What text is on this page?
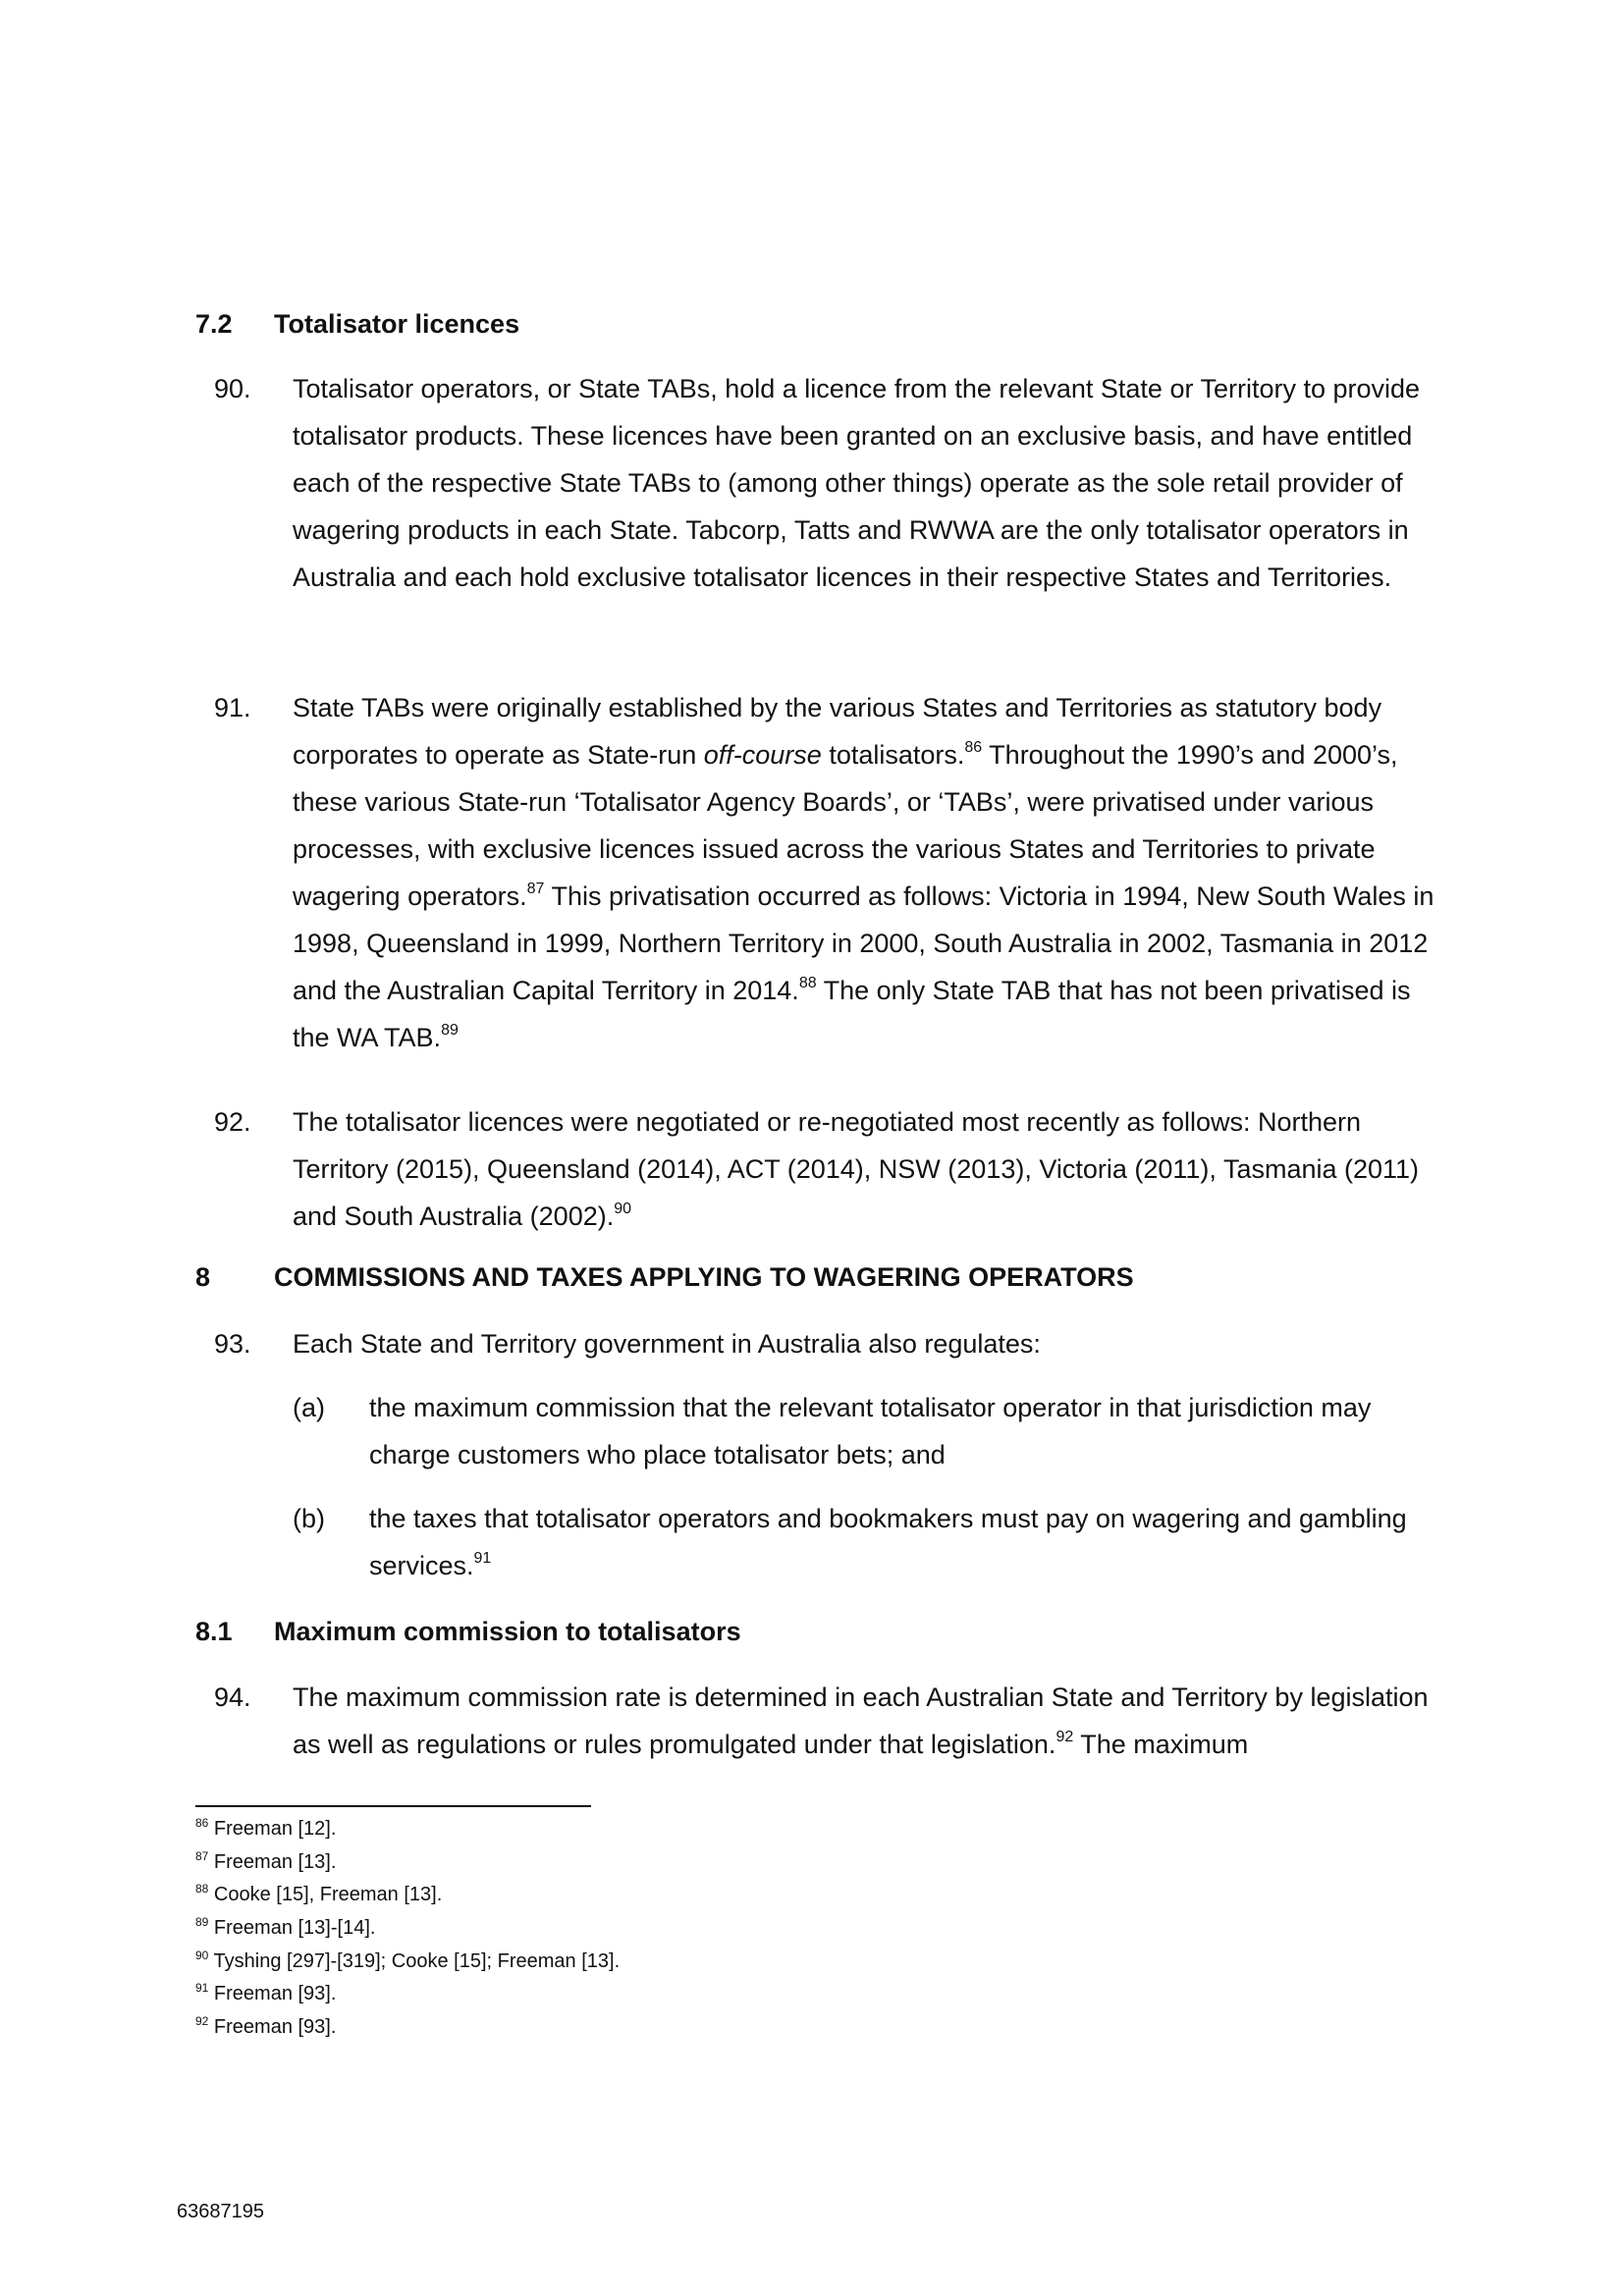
7.2	Totalisator licences
90. Totalisator operators, or State TABs, hold a licence from the relevant State or Territory to provide totalisator products. These licences have been granted on an exclusive basis, and have entitled each of the respective State TABs to (among other things) operate as the sole retail provider of wagering products in each State. Tabcorp, Tatts and RWWA are the only totalisator operators in Australia and each hold exclusive totalisator licences in their respective States and Territories.
91. State TABs were originally established by the various States and Territories as statutory body corporates to operate as State-run off-course totalisators.$^{86}$ Throughout the 1990’s and 2000’s, these various State-run ‘Totalisator Agency Boards’, or ‘TABs’, were privatised under various processes, with exclusive licences issued across the various States and Territories to private wagering operators.$^{87}$ This privatisation occurred as follows: Victoria in 1994, New South Wales in 1998, Queensland in 1999, Northern Territory in 2000, South Australia in 2002, Tasmania in 2012 and the Australian Capital Territory in 2014.88 The only State TAB that has not been privatised is the WA TAB.$^{89}$
92. The totalisator licences were negotiated or re-negotiated most recently as follows: Northern Territory (2015), Queensland (2014), ACT (2014), NSW (2013), Victoria (2011), Tasmania (2011) and South Australia (2002).$^{90}$
8	COMMISSIONS AND TAXES APPLYING TO WAGERING OPERATORS
93. Each State and Territory government in Australia also regulates:
(a) the maximum commission that the relevant totalisator operator in that jurisdiction may charge customers who place totalisator bets; and
(b) the taxes that totalisator operators and bookmakers must pay on wagering and gambling services.$^{91}$
8.1	Maximum commission to totalisators
94. The maximum commission rate is determined in each Australian State and Territory by legislation as well as regulations or rules promulgated under that legislation.$^{92}$ The maximum
$^{86}$ Freeman [12].
$^{87}$ Freeman [13].
$^{88}$ Cooke [15], Freeman [13].
$^{89}$ Freeman [13]-[14].
$^{90}$ Tyshing [297]-[319]; Cooke [15]; Freeman [13].
$^{91}$ Freeman [93].
$^{92}$ Freeman [93].
63687195
